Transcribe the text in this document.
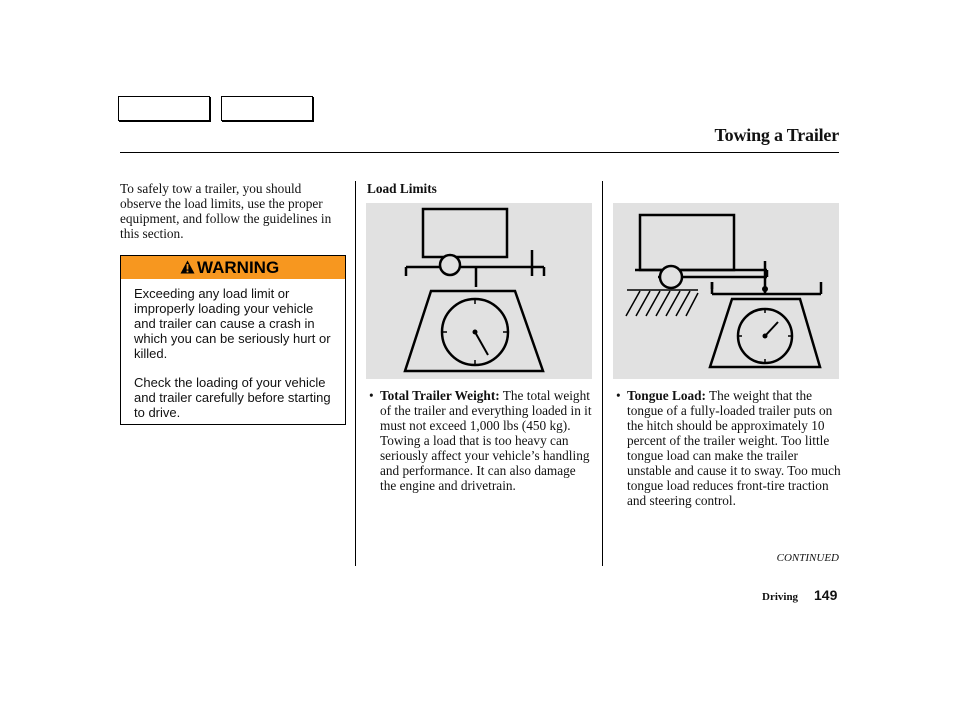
Towing a Trailer
To safely tow a trailer, you should observe the load limits, use the proper equipment, and follow the guidelines in this section.
WARNING

Exceeding any load limit or improperly loading your vehicle and trailer can cause a crash in which you can be seriously hurt or killed.

Check the loading of your vehicle and trailer carefully before starting to drive.

Load Limits
• Total Trailer Weight: The total weight of the trailer and everything loaded in it must not exceed 1,000 lbs (450 kg). Towing a load that is too heavy can seriously affect your vehicle’s handling and performance. It can also damage the engine and drivetrain.
• Tongue Load: The weight that the tongue of a fully-loaded trailer puts on the hitch should be approximately 10 percent of the trailer weight. Too little tongue load can make the trailer unstable and cause it to sway. Too much tongue load reduces front-tire traction and steering control.
CONTINUED
Driving 149
